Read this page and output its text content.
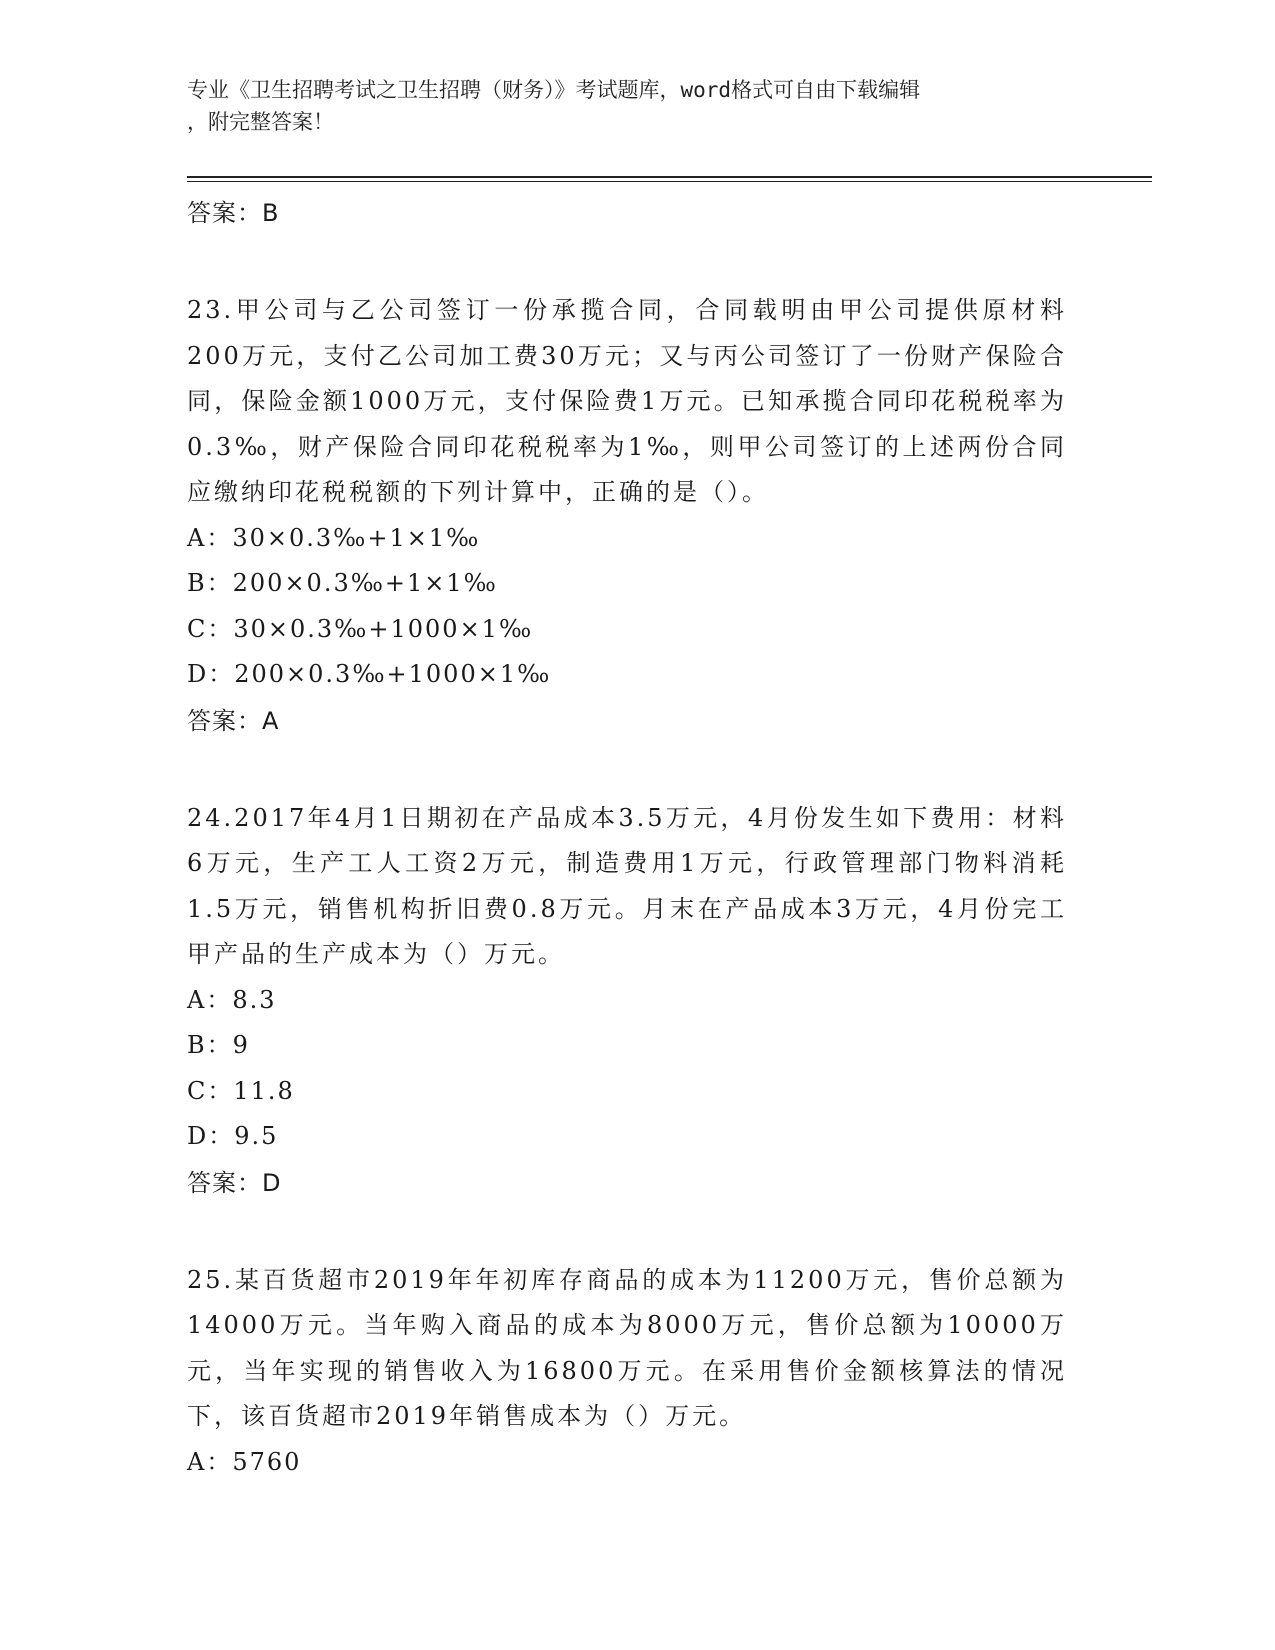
专业《卫生招聘考试之卫生招聘（财务）》考试题库，word格式可自由下载编辑
，附完整答案！
答案：B
23.甲公司与乙公司签订一份承揽合同，合同载明由甲公司提供原材料200万元，支付乙公司加工费30万元；又与丙公司签订了一份财产保险合同，保险金额1000万元，支付保险费1万元。已知承揽合同印花税税率为0.3‰，财产保险合同印花税税率为1‰，则甲公司签订的上述两份合同应缴纳印花税税额的下列计算中，正确的是（）。
A：30×0.3‰+1×1‰
B：200×0.3‰+1×1‰
C：30×0.3‰+1000×1‰
D：200×0.3‰+1000×1‰
答案：A
24.2017年4月1日期初在产品成本3.5万元，4月份发生如下费用：材料6万元，生产工人工资2万元，制造费用1万元，行政管理部门物料消耗1.5万元，销售机构折旧费0.8万元。月末在产品成本3万元，4月份完工甲产品的生产成本为（）万元。
A：8.3
B：9
C：11.8
D：9.5
答案：D
25.某百货超市2019年年初库存商品的成本为11200万元，售价总额为14000万元。当年购入商品的成本为8000万元，售价总额为10000万元，当年实现的销售收入为16800万元。在采用售价金额核算法的情况下，该百货超市2019年销售成本为（）万元。
A：5760
